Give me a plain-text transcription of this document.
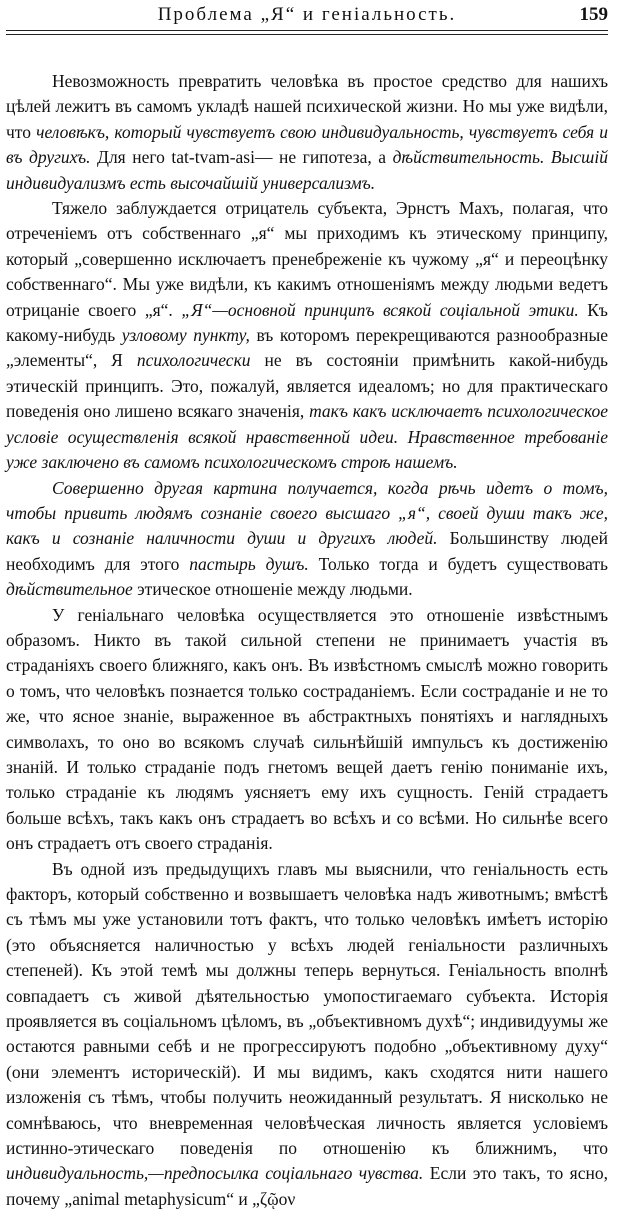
Проблема „Я“ и геніальность.	159

Невозможность превратить человѣка въ простое средство для нашихъ цѣлей лежитъ въ самомъ укладѣ нашей психической жизни. Но мы уже видѣли, что человѣкъ, который чувствуетъ свою индивидуальность, чувствуетъ себя и въ другихъ. Для него tat-tvam-asi— не гипотеза, а дѣйствительность. Высшій индивидуализмъ есть высочайшій универсализмъ.

Тяжело заблуждается отрицатель субъекта, Эрнстъ Махъ, полагая, что отреченіемъ отъ собственнаго „я“ мы приходимъ къ этическому принципу, который „совершенно исключаетъ пренебреженіе къ чужому „я“ и переоцѣнку собственнаго“. Мы уже видѣли, къ какимъ отношеніямъ между людьми ведетъ отрицаніе своего „я“. „Я“—основной принципъ всякой соціальной этики. Къ какому-нибудь узловому пункту, въ которомъ перекрещиваются разнообразные „элементы“, Я психологически не въ состояніи примѣнить какой-нибудь этическій принципъ. Это, пожалуй, является идеаломъ; но для практическаго поведенія оно лишено всякаго значенія, такъ какъ исключаетъ психологическое условіе осуществленія всякой нравственной идеи. Нравственное требованіе уже заключено въ самомъ психологическомъ строѣ нашемъ.

Совершенно другая картина получается, когда рѣчь идетъ о томъ, чтобы привить людямъ сознаніе своего высшаго „я“, своей души такъ же, какъ и сознаніе наличности души и другихъ людей. Большинству людей необходимъ для этого пастырь душъ. Только тогда и будетъ существовать дѣйствительное этическое отношеніе между людьми.

У геніальнаго человѣка осуществляется это отношеніе извѣстнымъ образомъ. Никто въ такой сильной степени не принимаетъ участія въ страданіяхъ своего ближняго, какъ онъ. Въ извѣстномъ смыслѣ можно говорить о томъ, что человѣкъ познается только состраданіемъ. Если состраданіе и не то же, что ясное знаніе, выраженное въ абстрактныхъ понятіяхъ и наглядныхъ символахъ, то оно во всякомъ случаѣ сильнѣйшій импульсъ къ достиженію знаній. И только страданіе подъ гнетомъ вещей даетъ генію пониманіе ихъ, только страданіе къ людямъ уясняетъ ему ихъ сущность. Геній страдаетъ больше всѣхъ, такъ какъ онъ страдаетъ во всѣхъ и со всѣми. Но сильнѣе всего онъ страдаетъ отъ своего страданія.

Въ одной изъ предыдущихъ главъ мы выяснили, что геніальность есть факторъ, который собственно и возвышаетъ человѣка надъ животнымъ; вмѣстѣ съ тѣмъ мы уже установили тотъ фактъ, что только человѣкъ имѣетъ исторію (это объясняется наличностью у всѣхъ людей геніальности различныхъ степеней). Къ этой темѣ мы должны теперь вернуться. Геніальность вполнѣ совпадаетъ съ живой дѣятельностью умопостигаемаго субъекта. Исторія проявляется въ соціальномъ цѣломъ, въ „объективномъ духѣ“; индивидуумы же остаются равными себѣ и не прогрессируютъ подобно „объективному духу“ (они элементъ историческій). И мы видимъ, какъ сходятся нити нашего изложенія съ тѣмъ, чтобы получить неожиданный результатъ. Я нисколько не сомнѣваюсь, что вневременная человѣческая личность является условіемъ истинно-этическаго поведенія по отношенію къ ближнимъ, что индивидуальность,—предпосылка соціальнаго чувства. Если это такъ, то ясно, почему „animal metaphysicum“ и „ζῷον
